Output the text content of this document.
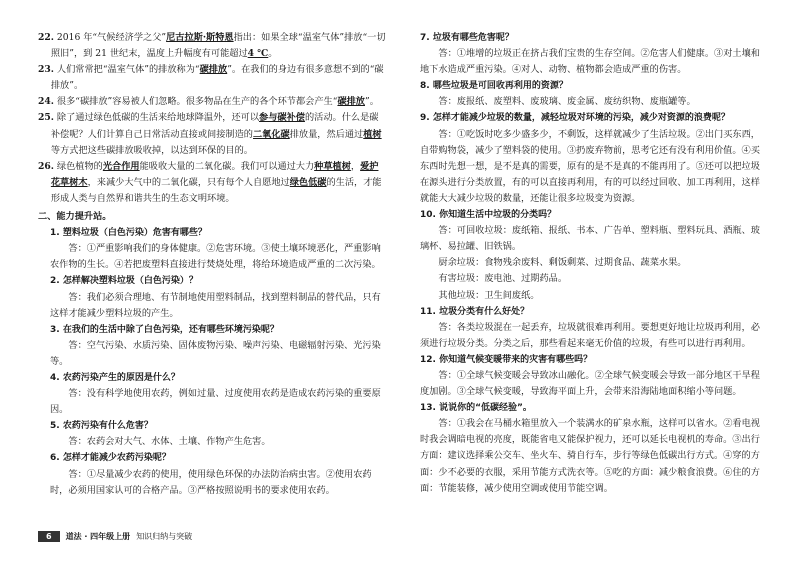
22. 2016 年“气候经济学之父”尼古拉斯·斯特恩指出：如果全球“温室气体”排放“一切照旧”，到 21 世纪末，温度上升幅度有可能超过4 ℃。

23. 人们常常把“温室气体”的排放称为“碳排放”。在我们的身边有很多意想不到的“碳排放”。

24. 很多“碳排放”容易被人们忽略。很多物品在生产的各个环节都会产生“碳排放”。

25. 除了通过绿色低碳的生活来给地球降温外，还可以参与碳补偿的活动。什么是碳补偿呢？人们计算自己日常活动直接或间接制造的二氧化碳排放量，然后通过植树等方式把这些碳排放吸收掉，以达到环保的目的。

26. 绿色植物的光合作用能吸收大量的二氧化碳。我们可以通过大力种草植树，爱护花草树木，来减少大气中的二氧化碳，只有每个人自愿地过绿色低碳的生活，才能形成人类与自然界和谐共生的生态文明环境。

二、能力提升站。

1. 塑料垃圾（白色污染）危害有哪些？

答：①严重影响我们的身体健康。②危害环境。③使土壤环境恶化，严重影响农作物的生长。④若把废塑料直接进行焚烧处理，将给环境造成严重的二次污染。

2. 怎样解决塑料垃圾（白色污染）？

答：我们必须合理地、有节制地使用塑料制品，找到塑料制品的替代品，只有这样才能减少塑料垃圾的产生。

3. 在我们的生活中除了白色污染，还有哪些环境污染呢？

答：空气污染、水质污染、固体废物污染、噪声污染、电磁辐射污染、光污染等。

4. 农药污染产生的原因是什么？

答：没有科学地使用农药，例如过量、过度使用农药是造成农药污染的重要原因。

5. 农药污染有什么危害？

答：农药会对大气、水体、土壤、作物产生危害。

6. 怎样才能减少农药污染呢？

答：①尽量减少农药的使用，使用绿色环保的办法防治病虫害。②使用农药时，必须用国家认可的合格产品。③严格按照说明书的要求使用农药。

7. 垃圾有哪些危害呢？

答：①堆增的垃圾正在挤占我们宝贵的生存空间。②危害人们健康。③对土壤和地下水造成严重污染。④对人、动物、植物都会造成严重的伤害。

8. 哪些垃圾是可回收再利用的资源？

答：废报纸、废塑料、废玻璃、废金属、废纺织物、废瓶罐等。

9. 怎样才能减少垃圾的数量，减轻垃圾对环境的污染，减少对资源的浪费呢？

答：①吃饭时吃多少盛多少，不剩饭，这样就减少了生活垃圾。②出门买东西，自带购物袋，减少了塑料袋的使用。③扔废弃物前，思考它还有没有利用价值。④买东西时先想一想，是不是真的需要，原有的是不是真的不能再用了。⑤还可以把垃圾在源头进行分类放置，有的可以直接再利用，有的可以经过回收、加工再利用，这样就能大大减少垃圾的数量，还能让很多垃圾变为资源。

10. 你知道生活中垃圾的分类吗？

答：可回收垃圾：废纸箱、报纸、书本、广告单、塑料瓶、塑料玩具、酒瓶、玻璃杯、易拉罐、旧铁锅。

厨余垃圾：食物残余废料、剩饭剩菜、过期食品、蔬菜水果。

有害垃圾：废电池、过期药品。

其他垃圾：卫生间废纸。

11. 垃圾分类有什么好处？

答：各类垃圾混在一起丢弃，垃圾就很难再利用。要想更好地让垃圾再利用，必须进行垃圾分类。分类之后，那些看起来毫无价值的垃圾，有些可以进行再利用。

12. 你知道气候变暖带来的灾害有哪些吗？

答：①全球气候变暖会导致冰山融化。②全球气候变暖会导致一部分地区干旱程度加剧。③全球气候变暖，导致海平面上升，会带来沿海陆地面积缩小等问题。

13. 说说你的“低碳经验”。

答：①我会在马桶水箱里放入一个装满水的矿泉水瓶，这样可以省水。②看电视时我会调暗电视的亮度，既能省电又能保护视力，还可以延长电视机的寿命。③出行方面：建议选择乘公交车、坐火车、骑自行车，步行等绿色低碳出行方式。④穿的方面：少不必要的衣服，采用节能方式洗衣等。⑤吃的方面：减少粮食浪费。⑥住的方面：节能装修，减少使用空调或使用节能空调。

6	道法 · 四年级上册 知识归纳与突破
